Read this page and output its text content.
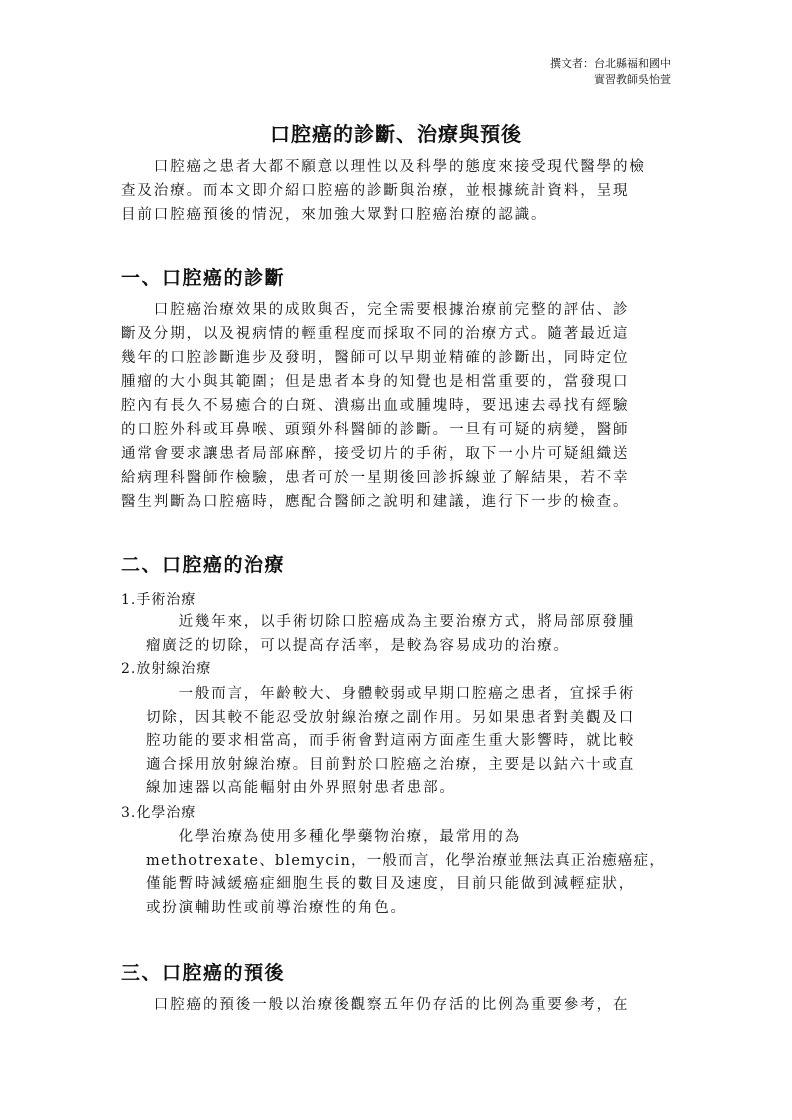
撰文者：台北縣福和國中
實習教師吳怡萱
口腔癌的診斷、治療與預後
　　口腔癌之患者大都不願意以理性以及科學的態度來接受現代醫學的檢
查及治療。而本文即介紹口腔癌的診斷與治療，並根據統計資料，呈現
目前口腔癌預後的情況，來加強大眾對口腔癌治療的認識。
一、口腔癌的診斷
　　口腔癌治療效果的成敗與否，完全需要根據治療前完整的評估、診
斷及分期，以及視病情的輕重程度而採取不同的治療方式。隨著最近這
幾年的口腔診斷進步及發明，醫師可以早期並精確的診斷出，同時定位
腫瘤的大小與其範圍；但是患者本身的知覺也是相當重要的，當發現口
腔內有長久不易癒合的白斑、潰瘍出血或腫塊時，要迅速去尋找有經驗
的口腔外科或耳鼻喉、頭頸外科醫師的診斷。一旦有可疑的病變，醫師
通常會要求讓患者局部麻醉，接受切片的手術，取下一小片可疑組織送
給病理科醫師作檢驗，患者可於一星期後回診拆線並了解結果，若不幸
醫生判斷為口腔癌時，應配合醫師之說明和建議，進行下一步的檢查。
二、口腔癌的治療
1.手術治療
　　近幾年來，以手術切除口腔癌成為主要治療方式，將局部原發腫
瘤廣泛的切除，可以提高存活率，是較為容易成功的治療。
2.放射線治療
　　一般而言，年齡較大、身體較弱或早期口腔癌之患者，宜採手術
切除，因其較不能忍受放射線治療之副作用。另如果患者對美觀及口
腔功能的要求相當高，而手術會對這兩方面產生重大影響時，就比較
適合採用放射線治療。目前對於口腔癌之治療，主要是以鈷六十或直
線加速器以高能輻射由外界照射患者患部。
3.化學治療
　　化學治療為使用多種化學藥物治療，最常用的為
methotrexate、blemycin，一般而言，化學治療並無法真正治癒癌症，
僅能暫時減緩癌症細胞生長的數目及速度，目前只能做到減輕症狀，
或扮演輔助性或前導治療性的角色。
三、口腔癌的預後
　　口腔癌的預後一般以治療後觀察五年仍存活的比例為重要參考，在
